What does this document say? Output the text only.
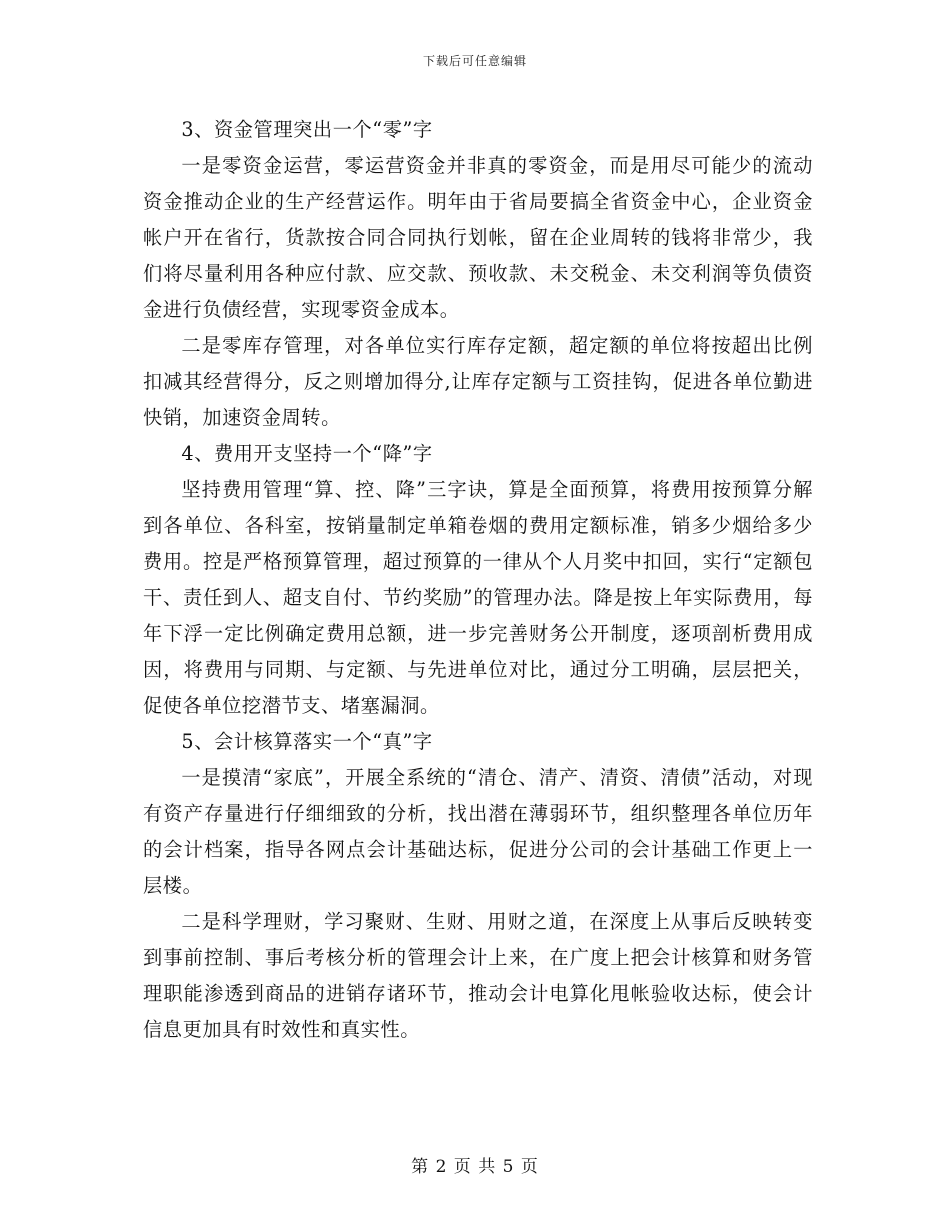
下载后可任意编辑

3、资金管理突出一个“零”字

一是零资金运营，零运营资金并非真的零资金，而是用尽可能少的流动资金推动企业的生产经营运作。明年由于省局要搞全省资金中心，企业资金帐户开在省行，货款按合同合同执行划帐，留在企业周转的钱将非常少，我们将尽量利用各种应付款、应交款、预收款、未交税金、未交利润等负债资金进行负债经营，实现零资金成本。

二是零库存管理，对各单位实行库存定额，超定额的单位将按超出比例扣减其经营得分，反之则增加得分,让库存定额与工资挂钩，促进各单位勤进快销，加速资金周转。

4、费用开支坚持一个“降”字

坚持费用管理“算、控、降”三字诀，算是全面预算，将费用按预算分解到各单位、各科室，按销量制定单箱卷烟的费用定额标准，销多少烟给多少费用。控是严格预算管理，超过预算的一律从个人月奖中扣回，实行“定额包干、责任到人、超支自付、节约奖励”的管理办法。降是按上年实际费用，每年下浮一定比例确定费用总额，进一步完善财务公开制度，逐项剖析费用成因，将费用与同期、与定额、与先进单位对比，通过分工明确，层层把关，促使各单位挖潜节支、堵塞漏洞。

5、会计核算落实一个“真”字

一是摸清“家底”，开展全系统的“清仓、清产、清资、清债”活动，对现有资产存量进行仔细细致的分析，找出潜在薄弱环节，组织整理各单位历年的会计档案，指导各网点会计基础达标，促进分公司的会计基础工作更上一层楼。

二是科学理财，学习聚财、生财、用财之道，在深度上从事后反映转变到事前控制、事后考核分析的管理会计上来，在广度上把会计核算和财务管理职能渗透到商品的进销存诸环节，推动会计电算化甩帐验收达标，使会计信息更加具有时效性和真实性。

第 2 页 共 5 页
